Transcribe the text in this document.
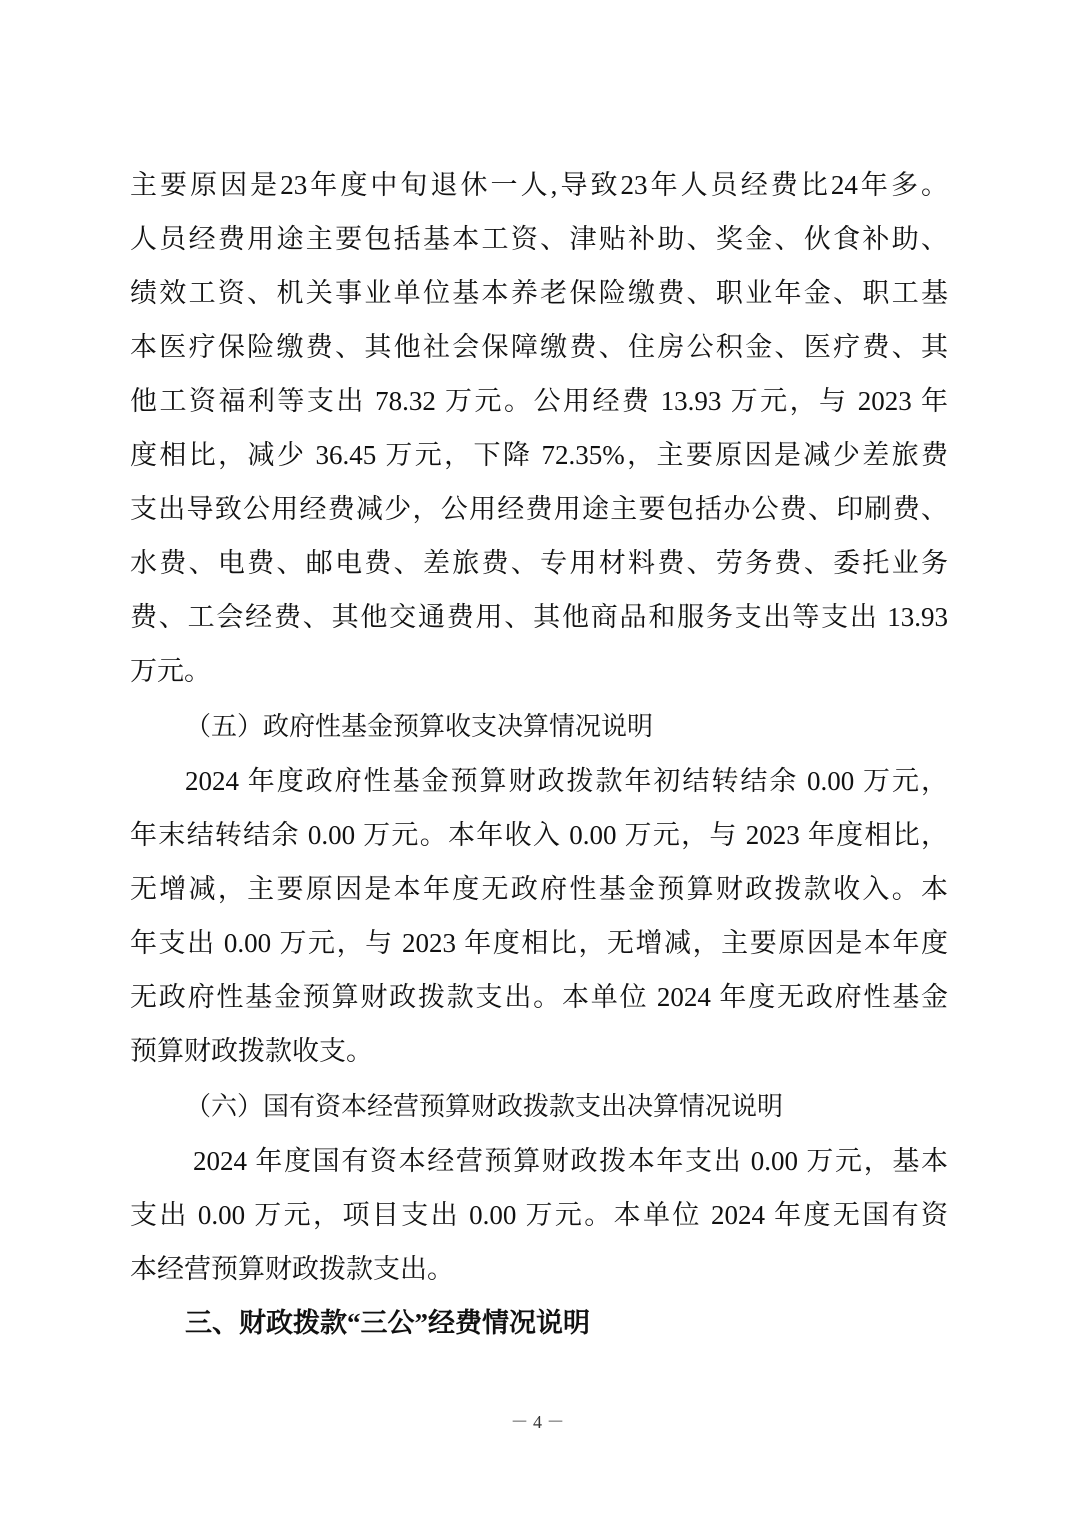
主要原因是23年度中旬退休一人,导致23年人员经费比24年多。
人员经费用途主要包括基本工资、津贴补助、奖金、伙食补助、
绩效工资、机关事业单位基本养老保险缴费、职业年金、职工基
本医疗保险缴费、其他社会保障缴费、住房公积金、医疗费、其
他工资福利等支出 78.32 万元。公用经费 13.93 万元，与 2023 年
度相比，减少 36.45 万元，下降 72.35%，主要原因是减少差旅费
支出导致公用经费减少，公用经费用途主要包括办公费、印刷费、
水费、电费、邮电费、差旅费、专用材料费、劳务费、委托业务
费、工会经费、其他交通费用、其他商品和服务支出等支出 13.93
万元。
（五）政府性基金预算收支决算情况说明
2024 年度政府性基金预算财政拨款年初结转结余 0.00 万元，
年末结转结余 0.00 万元。本年收入 0.00 万元，与 2023 年度相比，
无增减，主要原因是本年度无政府性基金预算财政拨款收入。本
年支出 0.00 万元，与 2023 年度相比，无增减，主要原因是本年度
无政府性基金预算财政拨款支出。本单位 2024 年度无政府性基金
预算财政拨款收支。
（六）国有资本经营预算财政拨款支出决算情况说明
2024 年度国有资本经营预算财政拨本年支出 0.00 万元，基本
支出 0.00 万元，项目支出 0.00 万元。本单位 2024 年度无国有资
本经营预算财政拨款支出。
三、财政拨款“三公”经费情况说明
－ 4 －
